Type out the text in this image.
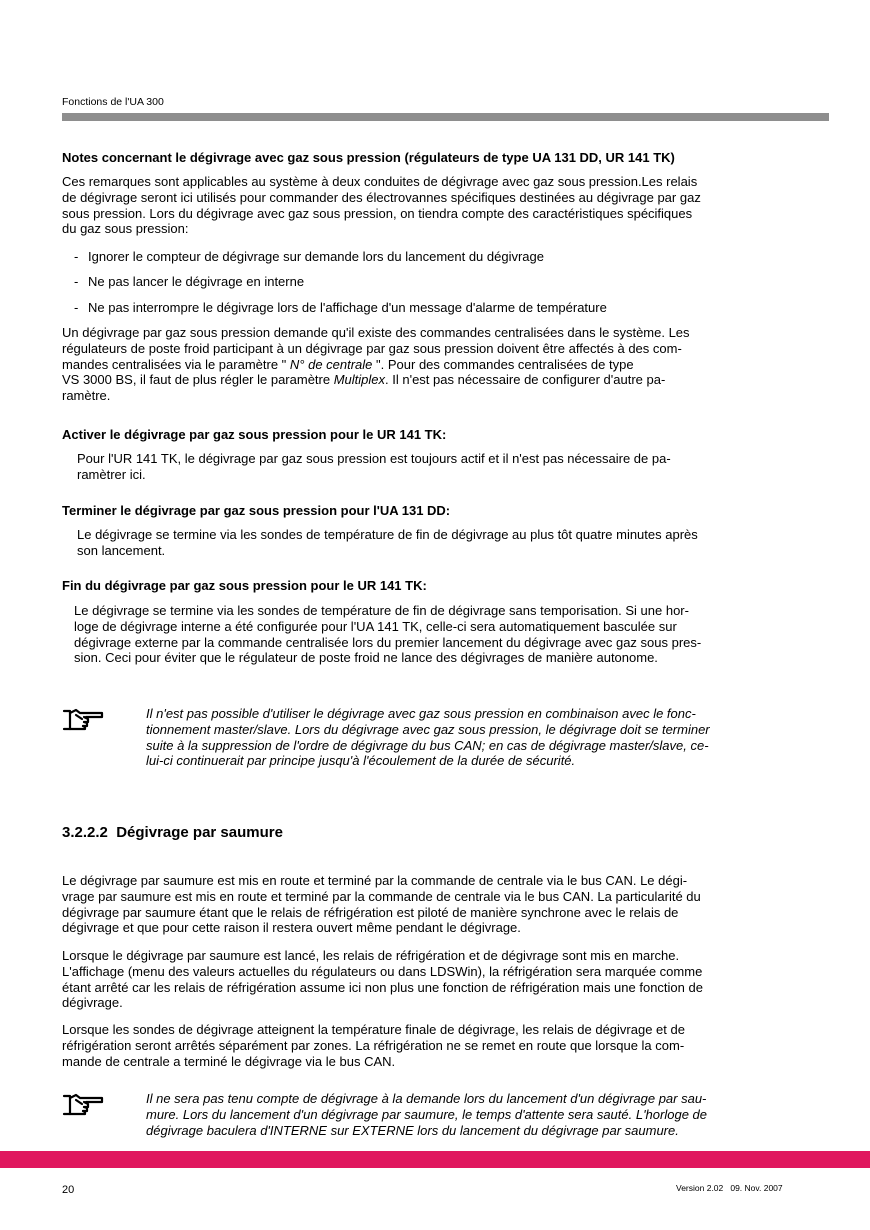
Fonctions de l'UA 300
Notes concernant le dégivrage avec gaz sous pression (régulateurs de type UA 131 DD, UR 141 TK)
Ces remarques sont applicables au système à deux conduites de dégivrage avec gaz sous pression.Les relais
de dégivrage seront ici utilisés pour commander des électrovannes spécifiques destinées au dégivrage par gaz
sous pression. Lors du dégivrage avec gaz sous pression, on tiendra compte des caractéristiques spécifiques
du gaz sous pression:
- Ignorer le compteur de dégivrage sur demande lors du lancement du dégivrage
- Ne pas lancer le dégivrage en interne
- Ne pas interrompre le dégivrage lors de l'affichage d'un message d'alarme de température
Un dégivrage par gaz sous pression demande qu'il existe des commandes centralisées dans le système. Les
régulateurs de poste froid participant à un dégivrage par gaz sous pression doivent être affectés à des com-
mandes centralisées via le paramètre " N° de centrale ". Pour des commandes centralisées de type
VS 3000 BS, il faut de plus régler le paramètre Multiplex. Il n'est pas nécessaire de configurer d'autre pa-
ramètre.
Activer le dégivrage par gaz sous pression pour le UR 141 TK:
Pour l'UR 141 TK, le dégivrage par gaz sous pression est toujours actif et il n'est pas nécessaire de pa-
ramètrer ici.
Terminer le dégivrage par gaz sous pression pour l'UA 131 DD:
Le dégivrage se termine via les sondes de température de fin de dégivrage au plus tôt quatre minutes après
son lancement.
Fin du dégivrage par gaz sous pression pour le UR 141 TK:
Le dégivrage se termine via les sondes de température de fin de dégivrage sans temporisation. Si une hor-
loge de dégivrage interne a été configurée pour l'UA 141 TK, celle-ci sera automatiquement basculée sur
dégivrage externe par la commande centralisée lors du premier lancement du dégivrage avec gaz sous pres-
sion. Ceci pour éviter que le régulateur de poste froid ne lance des dégivrages de manière autonome.
Il n'est pas possible d'utiliser le dégivrage avec gaz sous pression en combinaison avec le fonc-
tionnement master/slave. Lors du dégivrage avec gaz sous pression, le dégivrage doit se terminer
suite à la suppression de l'ordre de dégivrage du bus CAN; en cas de dégivrage master/slave, ce-
lui-ci continuerait par principe jusqu'à l'écoulement de la durée de sécurité.
3.2.2.2 Dégivrage par saumure
Le dégivrage par saumure est mis en route et terminé par la commande de centrale via le bus CAN. Le dégi-
vrage par saumure est mis en route et terminé par la commande de centrale via le bus CAN. La particularité du
dégivrage par saumure étant que le relais de réfrigération est piloté de manière synchrone avec le relais de
dégivrage et que pour cette raison il restera ouvert même pendant le dégivrage.
Lorsque le dégivrage par saumure est lancé, les relais de réfrigération et de dégivrage sont mis en marche.
L'affichage (menu des valeurs actuelles du régulateurs ou dans LDSWin), la réfrigération sera marquée comme
étant arrêté car les relais de réfrigération assume ici non plus une fonction de réfrigération mais une fonction de
dégivrage.
Lorsque les sondes de dégivrage atteignent la température finale de dégivrage, les relais de dégivrage et de
réfrigération seront arrêtés séparément par zones. La réfrigération ne se remet en route que lorsque la com-
mande de centrale a terminé le dégivrage via le bus CAN.
Il ne sera pas tenu compte de dégivrage à la demande lors du lancement d'un dégivrage par sau-
mure. Lors du lancement d'un dégivrage par saumure, le temps d'attente sera sauté. L'horloge de
dégivrage baculera d'INTERNE sur EXTERNE lors du lancement du dégivrage par saumure.
20	Version 2.02   09. Nov. 2007
